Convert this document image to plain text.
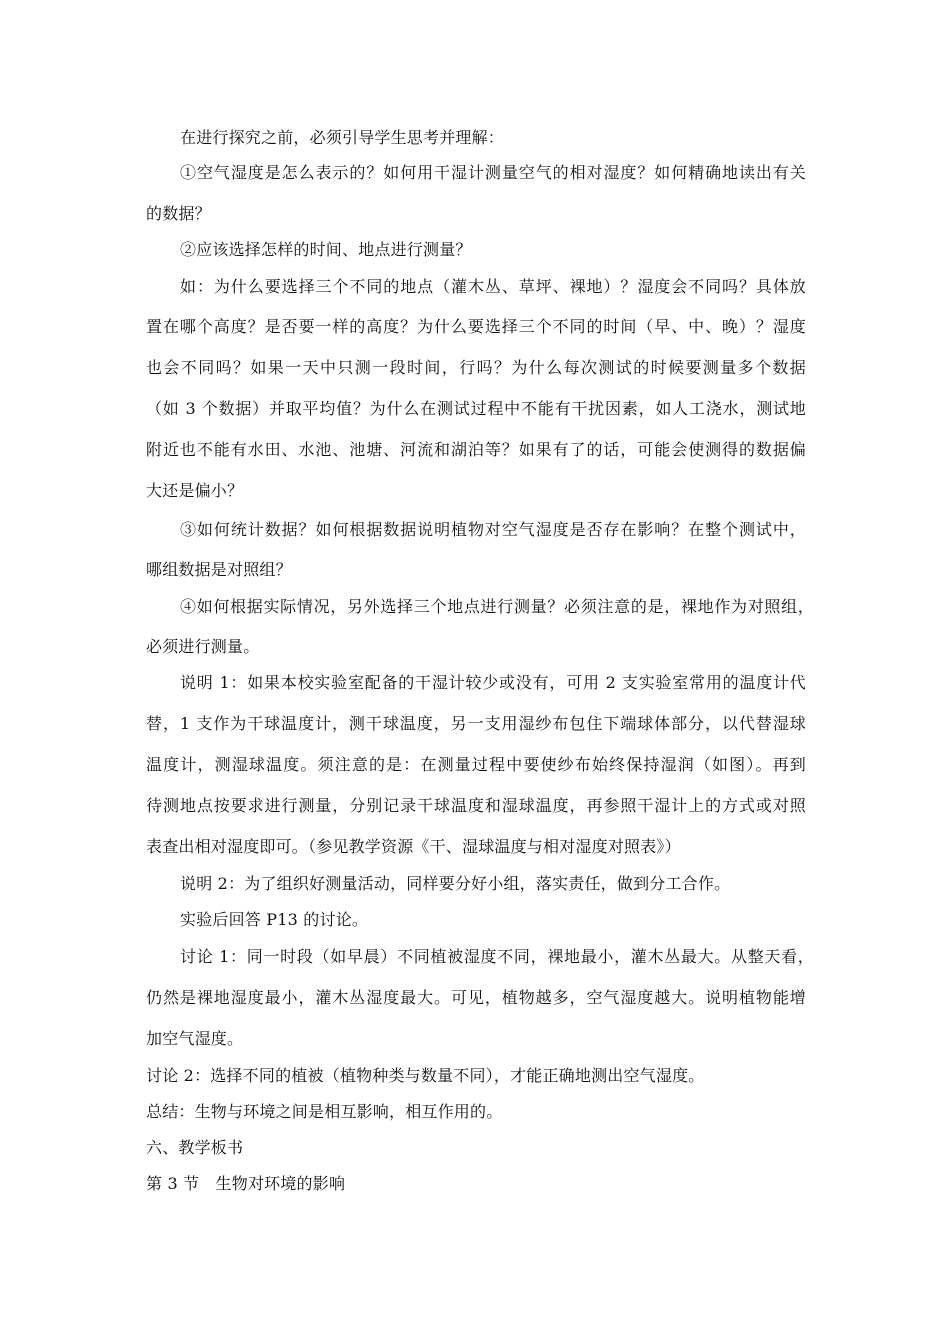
在进行探究之前，必须引导学生思考并理解：
①空气湿度是怎么表示的？如何用干湿计测量空气的相对湿度？如何精确地读出有关
的数据？
②应该选择怎样的时间、地点进行测量？
如：为什么要选择三个不同的地点（灌木丛、草坪、裸地）？湿度会不同吗？具体放
置在哪个高度？是否要一样的高度？为什么要选择三个不同的时间（早、中、晚）？湿度
也会不同吗？如果一天中只测一段时间，行吗？为什么每次测试的时候要测量多个数据
（如 3 个数据）并取平均值？为什么在测试过程中不能有干扰因素，如人工浇水，测试地
附近也不能有水田、水池、池塘、河流和湖泊等？如果有了的话，可能会使测得的数据偏
大还是偏小？
③如何统计数据？如何根据数据说明植物对空气湿度是否存在影响？在整个测试中，
哪组数据是对照组？
④如何根据实际情况，另外选择三个地点进行测量？必须注意的是，裸地作为对照组，
必须进行测量。
说明 1：如果本校实验室配备的干湿计较少或没有，可用 2 支实验室常用的温度计代
替，1 支作为干球温度计，测干球温度，另一支用湿纱布包住下端球体部分，以代替湿球
温度计，测湿球温度。须注意的是：在测量过程中要使纱布始终保持湿润（如图）。再到
待测地点按要求进行测量，分别记录干球温度和湿球温度，再参照干湿计上的方式或对照
表查出相对湿度即可。（参见教学资源《干、湿球温度与相对湿度对照表》）
说明 2：为了组织好测量活动，同样要分好小组，落实责任，做到分工合作。
实验后回答 P13 的讨论。
讨论 1：同一时段（如早晨）不同植被湿度不同，裸地最小，灌木丛最大。从整天看，
仍然是裸地湿度最小，灌木丛湿度最大。可见，植物越多，空气湿度越大。说明植物能增
加空气湿度。
讨论 2：选择不同的植被（植物种类与数量不同），才能正确地测出空气湿度。
总结：生物与环境之间是相互影响，相互作用的。
六、教学板书
第 3 节　生物对环境的影响
